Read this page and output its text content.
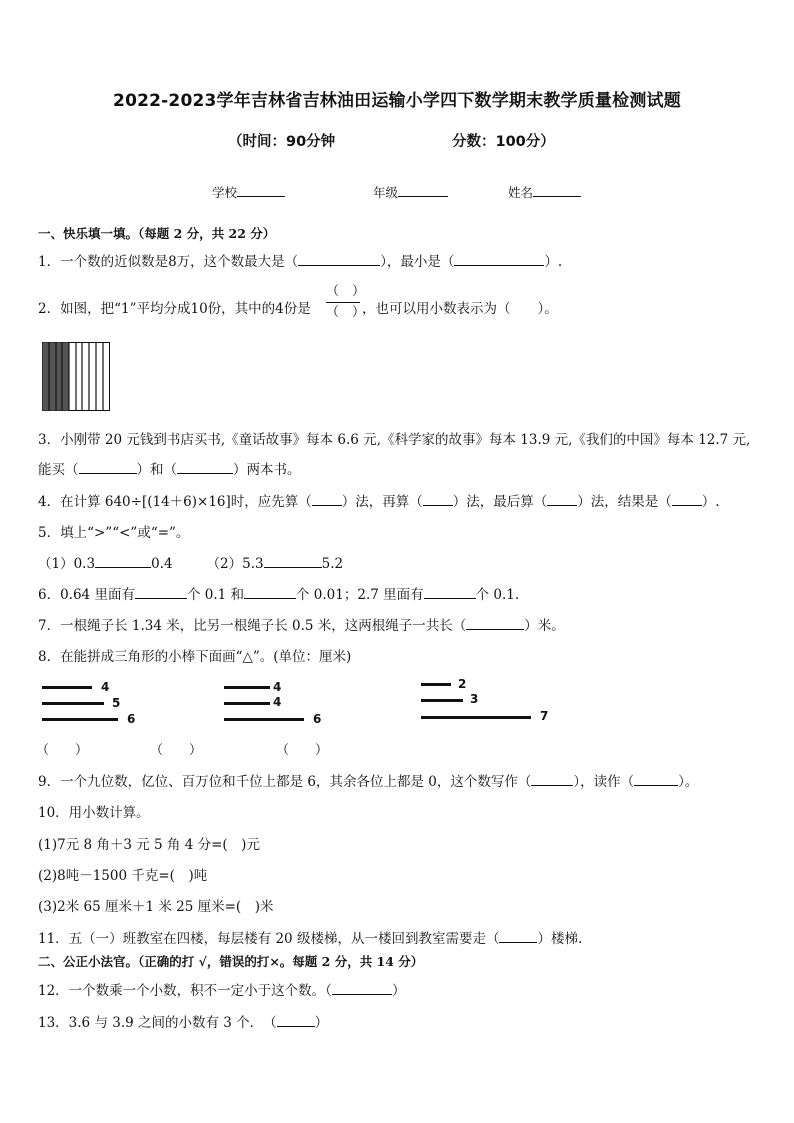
2022-2023学年吉林省吉林油田运输小学四下数学期末教学质量检测试题
（时间：90分钟	分数：100分）
学校	年级	姓名
一、快乐填一填。（每题 2 分，共 22 分）
1．一个数的近似数是8万，这个数最大是（	），最小是（	）.
2．如图，把“1”平均分成10份，其中的4份是
（　）
（　）
，也可以用小数表示为（　　）。
3．小刚带 20 元钱到书店买书,《童话故事》每本 6.6 元,《科学家的故事》每本 13.9 元,《我们的中国》每本 12.7 元,
能买（	）和（	）两本书。
4．在计算 640÷[(14＋6)×16]时，应先算（ ）法，再算（ ）法，最后算（ ）法，结果是（ ）.
5．填上“>”“<”或“=”。
（1）0.3	0.4	（2）5.3	5.2
6．0.64 里面有	个 0.1 和	个 0.01；2.7 里面有	个 0.1.
7．一根绳子长 1.34 米，比另一根绳子长 0.5 米，这两根绳子一共长（	）米。
8．在能拼成三角形的小棒下面画“△”。(单位：厘米)
4
5
6
4
4
6
2
3
7
（　　）	（　　）	（　　）
9．一个九位数，亿位、百万位和千位上都是 6，其余各位上都是 0，这个数写作（	），读作（	）。
10．用小数计算。
(1)7元 8 角＋3 元 5 角 4 分=(　)元
(2)8吨－1500 千克=(　)吨
(3)2米 65 厘米＋1 米 25 厘米=(　)米
11．五（一）班教室在四楼，每层楼有 20 级楼梯，从一楼回到教室需要走（	）楼梯.
二、公正小法官。（正确的打 √，错误的打×。每题 2 分，共 14 分）
12．一个数乘一个小数，积不一定小于这个数。（	）
13．3.6 与 3.9 之间的小数有 3 个．　（	）
